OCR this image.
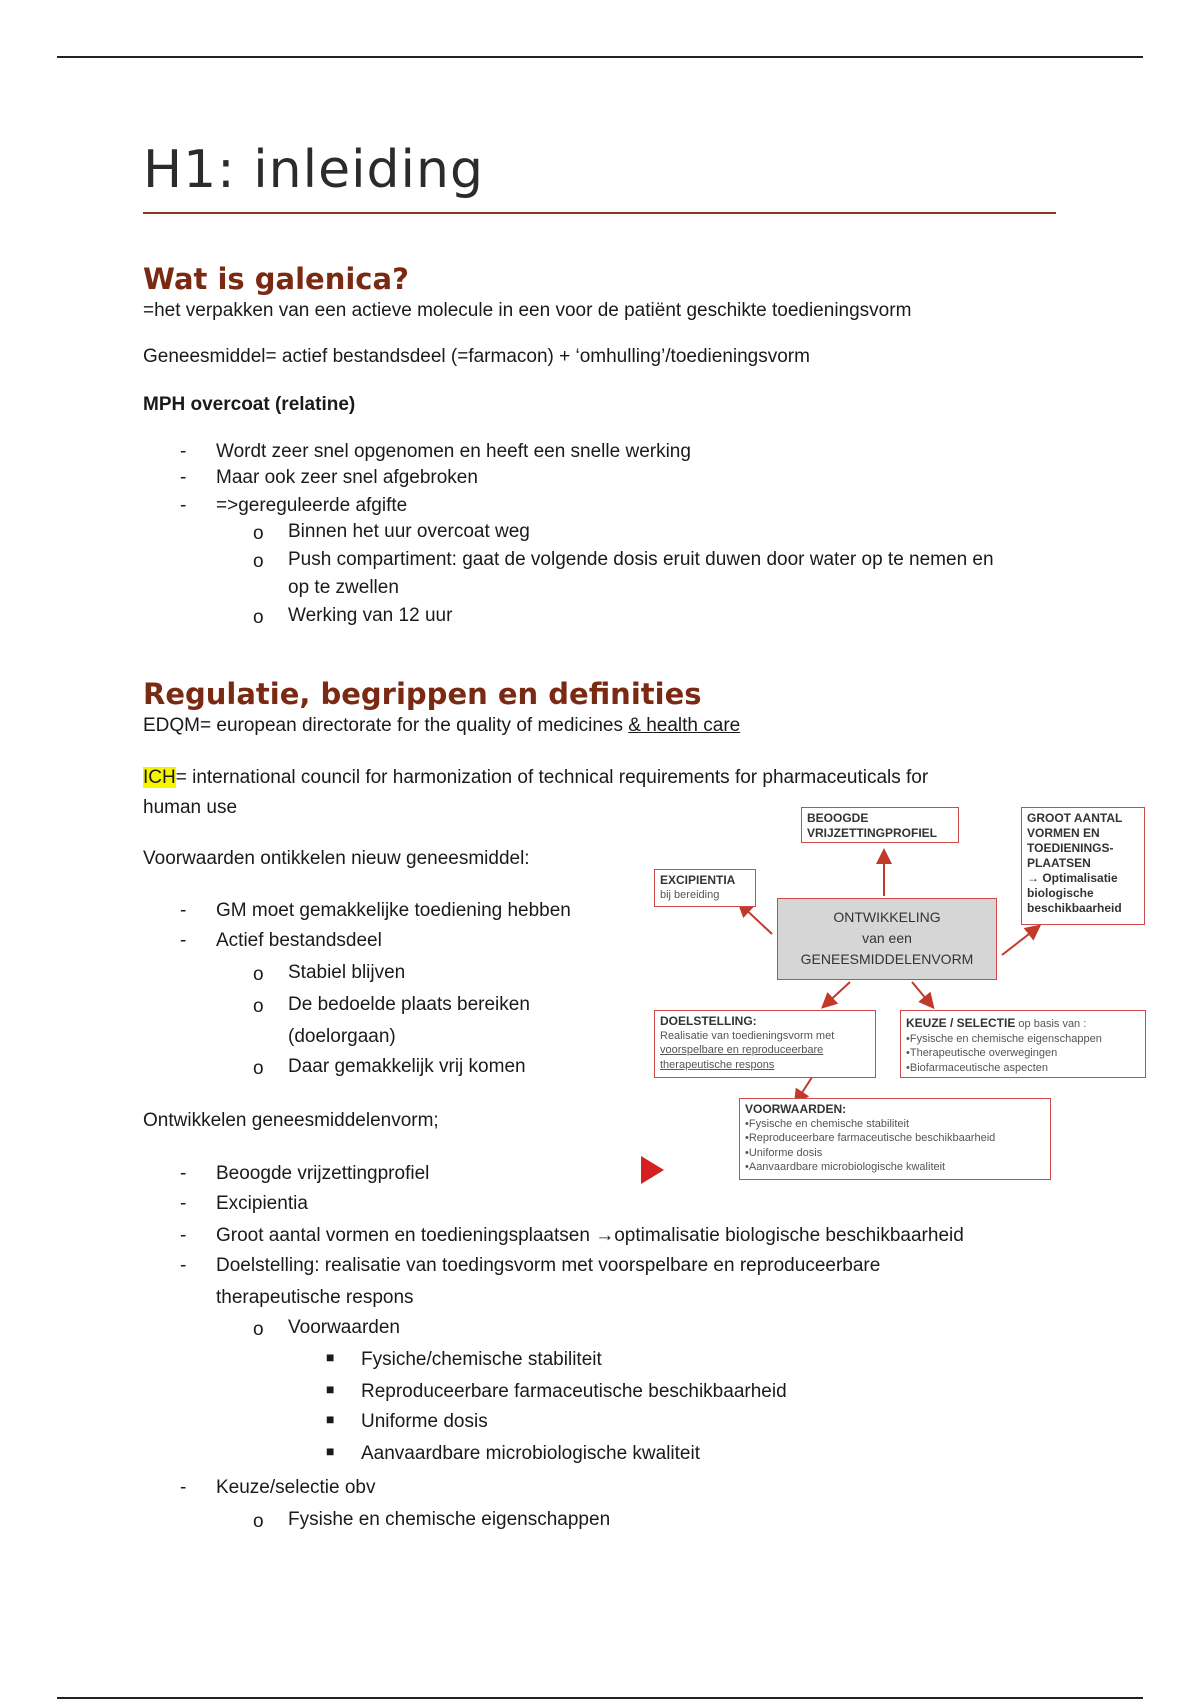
H1: inleiding
Wat is galenica?

=het verpakken van een actieve molecule in een voor de patiënt geschikte toedieningsvorm

Geneesmiddel= actief bestandsdeel (=farmacon) + ‘omhulling’/toedieningsvorm

MPH overcoat (relatine)

- Wordt zeer snel opgenomen en heeft een snelle werking
- Maar ook zeer snel afgebroken
- =>gereguleerde afgifte
o Binnen het uur overcoat weg
o Push compartiment: gaat de volgende dosis eruit duwen door water op te nemen en
op te zwellen
o Werking van 12 uur
Regulatie, begrippen en definities

EDQM= european directorate for the quality of medicines & health care

ICH= international council for harmonization of technical requirements for pharmaceuticals for

human use

Voorwaarden ontikkelen nieuw geneesmiddel:

- GM moet gemakkelijke toediening hebben
- Actief bestandsdeel
o Stabiel blijven
o De bedoelde plaats bereiken
(doelorgaan)
o Daar gemakkelijk vrij komen

Ontwikkelen geneesmiddelenvorm;

- Beoogde vrijzettingprofiel
- Excipientia
- Groot aantal vormen en toedieningsplaatsen →optimalisatie biologische beschikbaarheid
- Doelstelling: realisatie van toedingsvorm met voorspelbare en reproduceerbare
therapeutische respons
o Voorwaarden
■ Fysiche/chemische stabiliteit
■ Reproduceerbare farmaceutische beschikbaarheid
■ Uniforme dosis
■ Aanvaardbare microbiologische kwaliteit
- Keuze/selectie obv
o Fysishe en chemische eigenschappen
BEOOGDE
VRIJZETTINGPROFIEL
GROOT AANTAL
VORMEN EN
TOEDIENINGS-
PLAATSEN
→ Optimalisatie
biologische
beschikbaarheid
EXCIPIENTIA
bij bereiding
ONTWIKKELING
van een
GENEESMIDDELENVORM
DOELSTELLING:
Realisatie van toedieningsvorm met
voorspelbare en reproduceerbare
therapeutische respons
KEUZE / SELECTIE op basis van :
•Fysische en chemische eigenschappen
•Therapeutische overwegingen
•Biofarmaceutische aspecten
VOORWAARDEN:
•Fysische en chemische stabiliteit
•Reproduceerbare farmaceutische beschikbaarheid
•Uniforme dosis
•Aanvaardbare microbiologische kwaliteit
